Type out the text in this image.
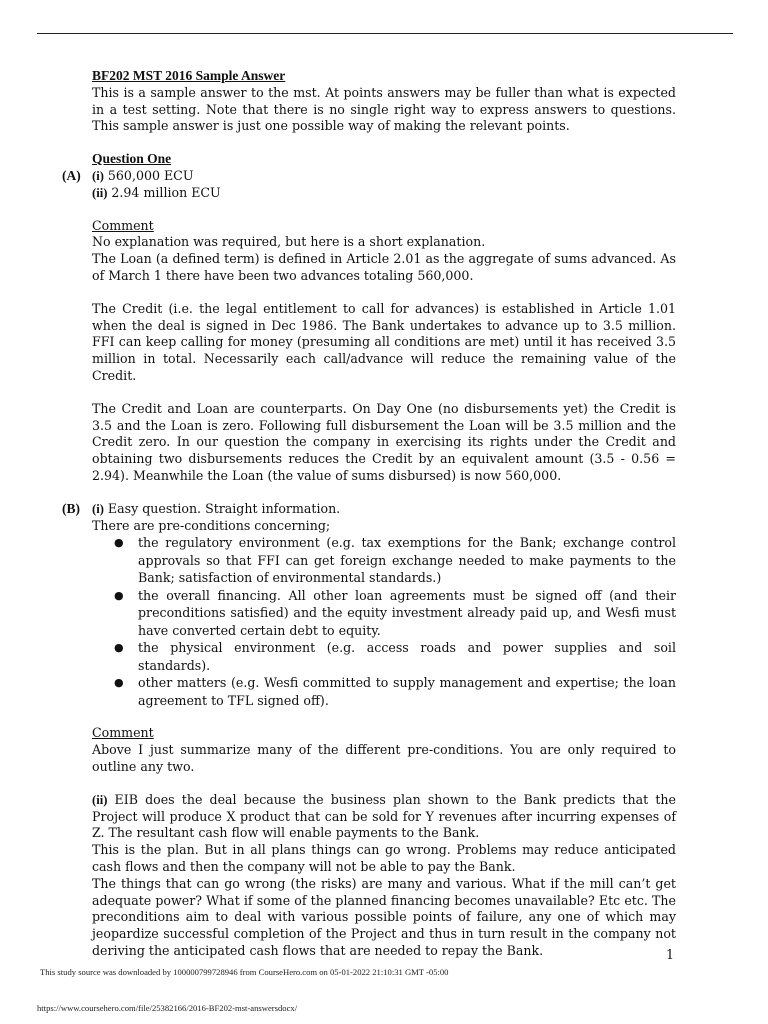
BF202 MST 2016 Sample Answer

This is a sample answer to the mst. At points answers may be fuller than what is expected in a test setting. Note that there is no single right way to express answers to questions. This sample answer is just one possible way of making the relevant points.

Question One

(A) (i) 560,000 ECU
(ii) 2.94 million ECU

Comment

No explanation was required, but here is a short explanation.

The Loan (a defined term) is defined in Article 2.01 as the aggregate of sums advanced. As of March 1 there have been two advances totaling 560,000.

The Credit (i.e. the legal entitlement to call for advances) is established in Article 1.01 when the deal is signed in Dec 1986. The Bank undertakes to advance up to 3.5 million. FFI can keep calling for money (presuming all conditions are met) until it has received 3.5 million in total. Necessarily each call/advance will reduce the remaining value of the Credit.

The Credit and Loan are counterparts. On Day One (no disbursements yet) the Credit is 3.5 and the Loan is zero. Following full disbursement the Loan will be 3.5 million and the Credit zero. In our question the company in exercising its rights under the Credit and obtaining two disbursements reduces the Credit by an equivalent amount (3.5 - 0.56 = 2.94). Meanwhile the Loan (the value of sums disbursed) is now 560,000.

(B) (i) Easy question. Straight information.

There are pre-conditions concerning;

● the regulatory environment (e.g. tax exemptions for the Bank; exchange control approvals so that FFI can get foreign exchange needed to make payments to the Bank; satisfaction of environmental standards.)
● the overall financing. All other loan agreements must be signed off (and their preconditions satisfied) and the equity investment already paid up, and Wesfi must have converted certain debt to equity.
● the physical environment (e.g. access roads and power supplies and soil standards).
● other matters (e.g. Wesfi committed to supply management and expertise; the loan agreement to TFL signed off).

Comment

Above I just summarize many of the different pre-conditions. You are only required to outline any two.

(ii) EIB does the deal because the business plan shown to the Bank predicts that the Project will produce X product that can be sold for Y revenues after incurring expenses of Z. The resultant cash flow will enable payments to the Bank.

This is the plan. But in all plans things can go wrong. Problems may reduce anticipated cash flows and then the company will not be able to pay the Bank.

The things that can go wrong (the risks) are many and various. What if the mill can’t get adequate power? What if some of the planned financing becomes unavailable? Etc etc. The preconditions aim to deal with various possible points of failure, any one of which may jeopardize successful completion of the Project and thus in turn result in the company not deriving the anticipated cash flows that are needed to repay the Bank.	1
This study source was downloaded by 100000799728946 from CourseHero.com on 05-01-2022 21:10:31 GMT -05:00
https://www.coursehero.com/file/25382166/2016-BF202-mst-answersdocx/
